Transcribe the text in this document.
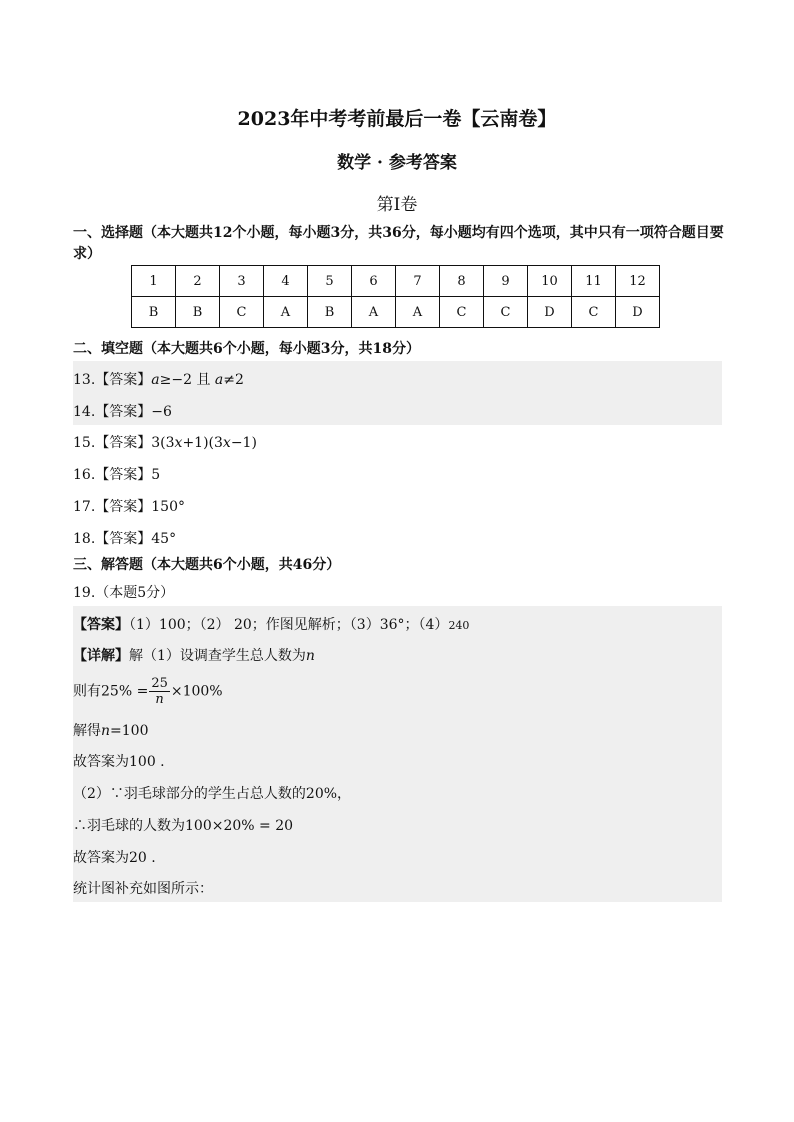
2023年中考考前最后一卷【云南卷】
数学 · 参考答案
第Ⅰ卷
一、选择题（本大题共12个小题，每小题3分，共36分，每小题均有四个选项，其中只有一项符合题目要求）
1	2	3	4	5	6	7	8	9	10	11	12
B	B	C	A	B	A	A	C	C	D	C	D
二、填空题（本大题共6个小题，每小题3分，共18分）
13.【答案】a≥−2 且 a≠2
14.【答案】−6
15.【答案】3(3x+1)(3x−1)
16.【答案】5
17.【答案】150°
18.【答案】45°
三、解答题（本大题共6个小题，共46分）
19.（本题5分）
【答案】（1）100；（2） 20；作图见解析；（3）36°；（4）240
【详解】解（1）设调查学生总人数为n
则有$25\% = \frac{25}{n} \times 100\%$
解得n=100
故答案为100 .
（2）∵羽毛球部分的学生占总人数的20%，
∴羽毛球的人数为100×20% = 20
故答案为20 .
统计图补充如图所示：
